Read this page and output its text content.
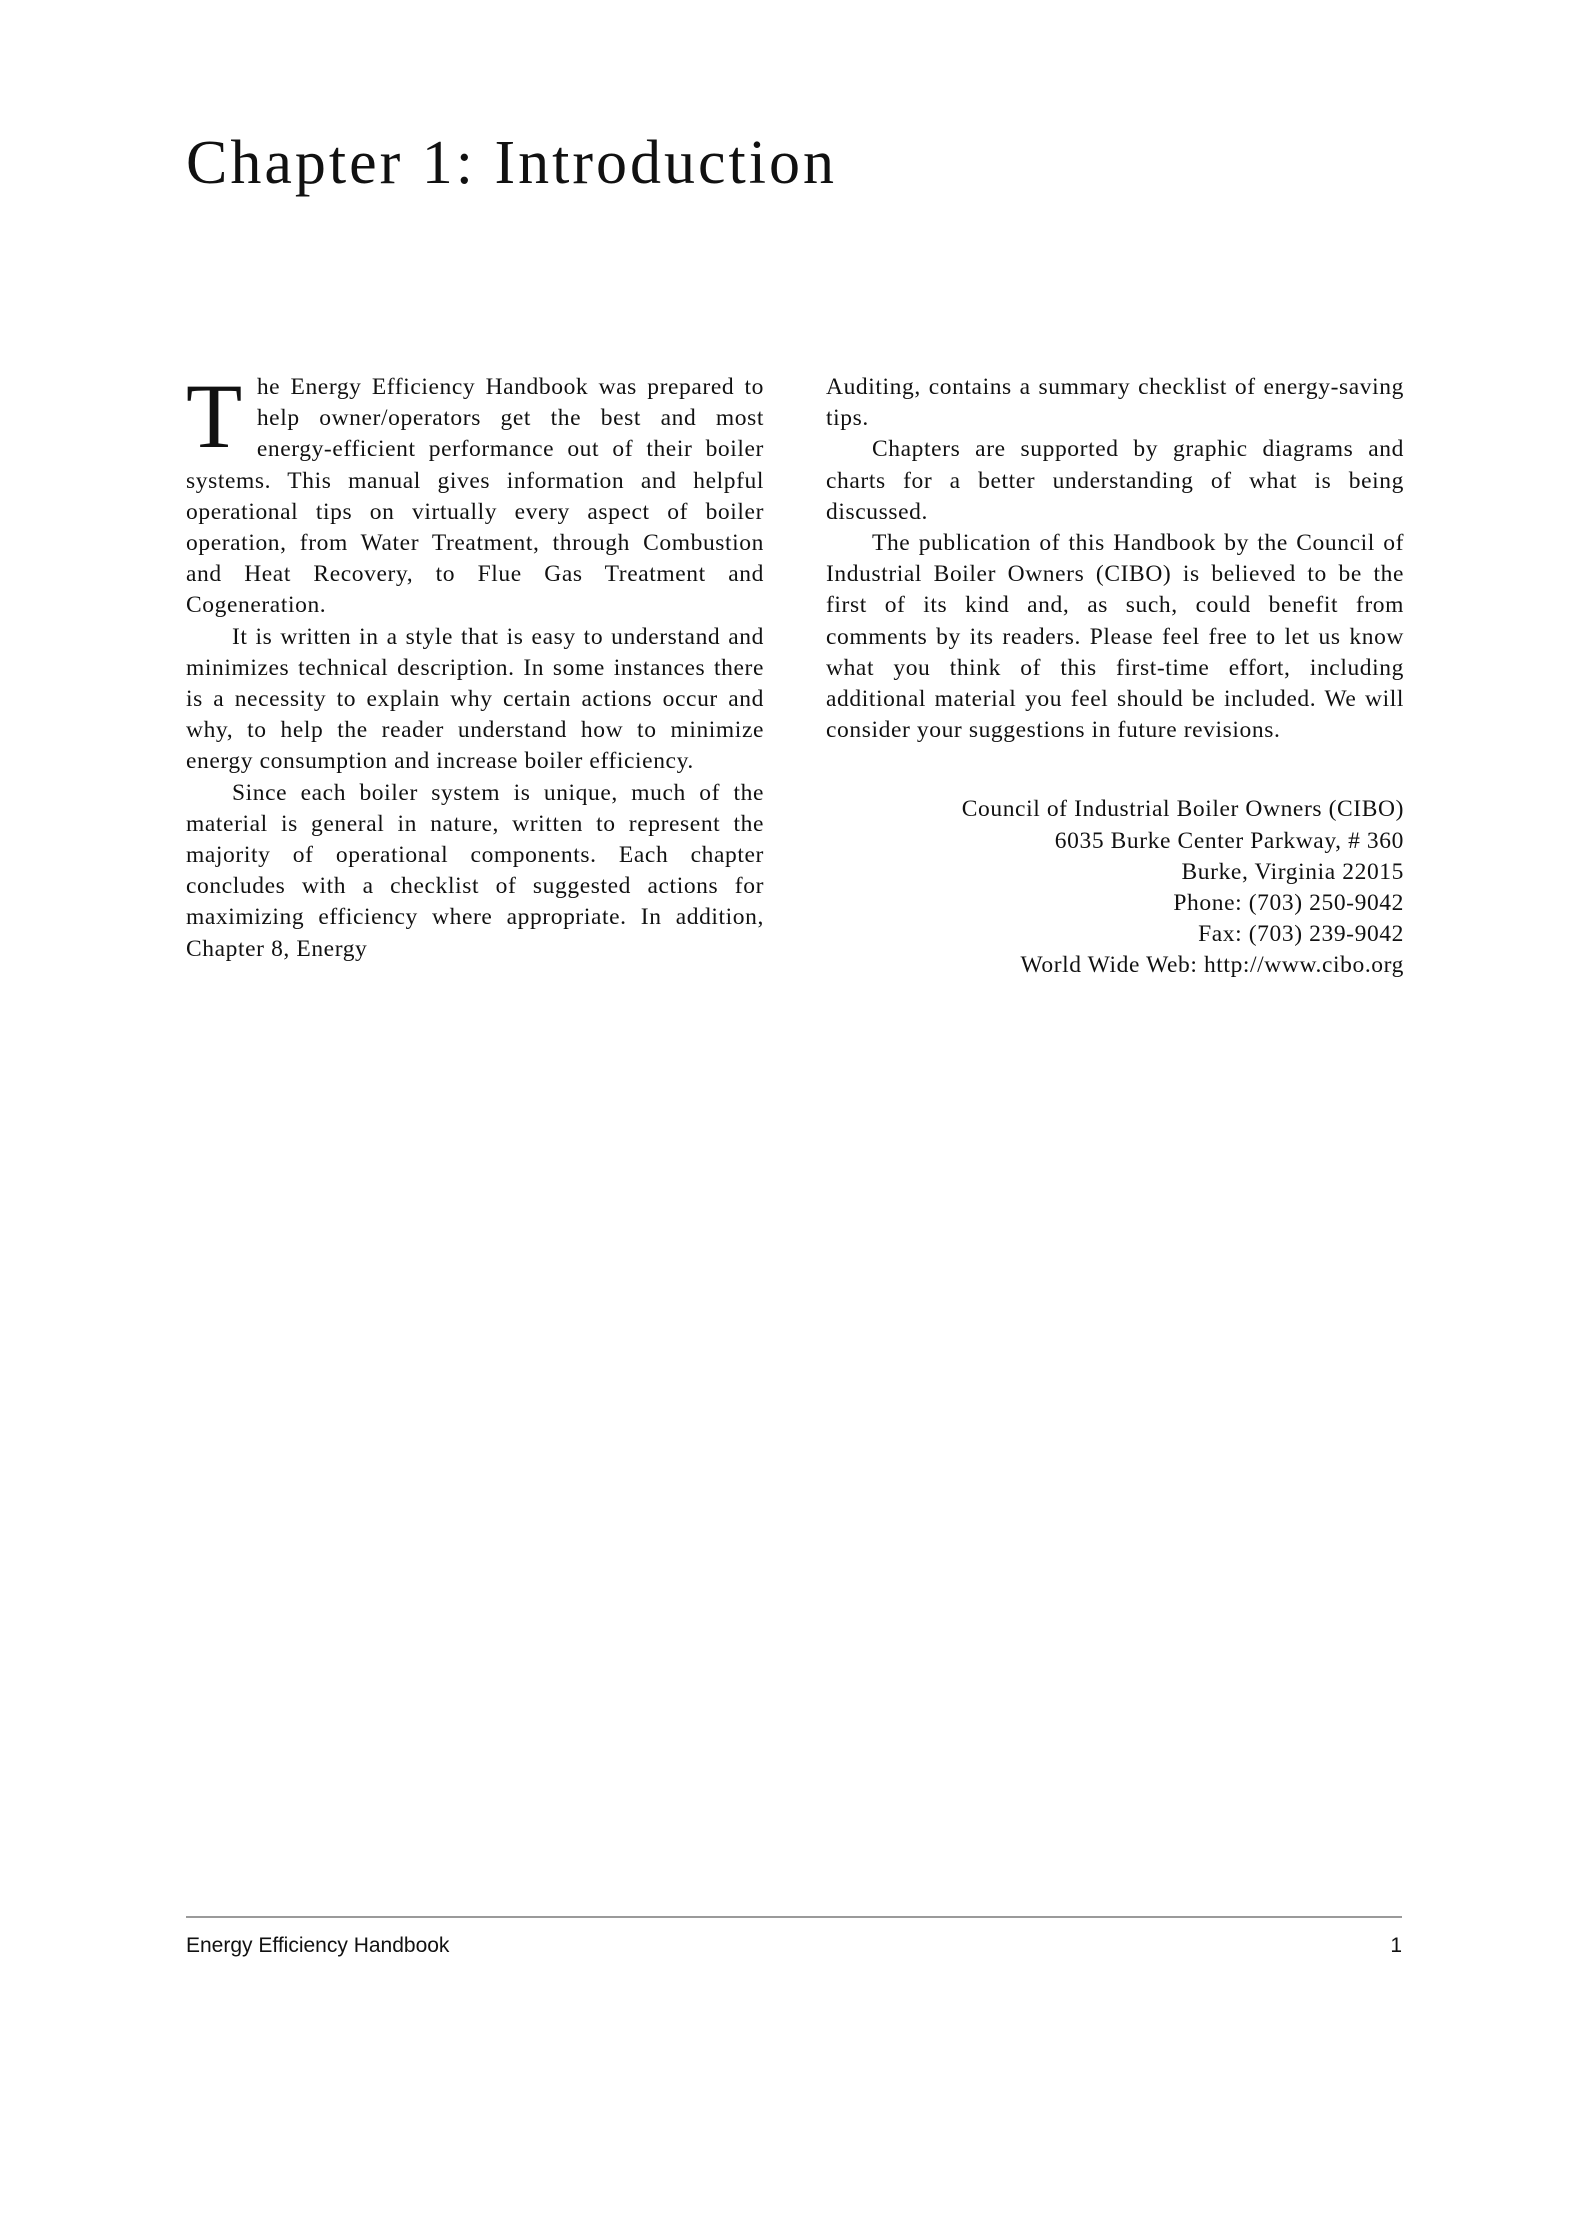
Chapter 1: Introduction

The Energy Efficiency Handbook was prepared to help owner/operators get the best and most energy-efficient performance out of their boiler systems. This manual gives information and helpful operational tips on virtually every aspect of boiler operation, from Water Treatment, through Combustion and Heat Recovery, to Flue Gas Treatment and Cogeneration.

It is written in a style that is easy to understand and minimizes technical description. In some instances there is a necessity to explain why certain actions occur and why, to help the reader understand how to minimize energy consumption and increase boiler efficiency.

Since each boiler system is unique, much of the material is general in nature, written to represent the majority of operational components. Each chapter concludes with a checklist of suggested actions for maximizing efficiency where appropriate. In addition, Chapter 8, Energy

Auditing, contains a summary checklist of energy-saving tips.

Chapters are supported by graphic diagrams and charts for a better understanding of what is being discussed.

The publication of this Handbook by the Council of Industrial Boiler Owners (CIBO) is believed to be the first of its kind and, as such, could benefit from comments by its readers. Please feel free to let us know what you think of this first-time effort, including additional material you feel should be included. We will consider your suggestions in future revisions.

Council of Industrial Boiler Owners (CIBO)
6035 Burke Center Parkway, # 360
Burke, Virginia 22015
Phone: (703) 250-9042
Fax: (703) 239-9042
World Wide Web: http://www.cibo.org
Energy Efficiency Handbook	1
